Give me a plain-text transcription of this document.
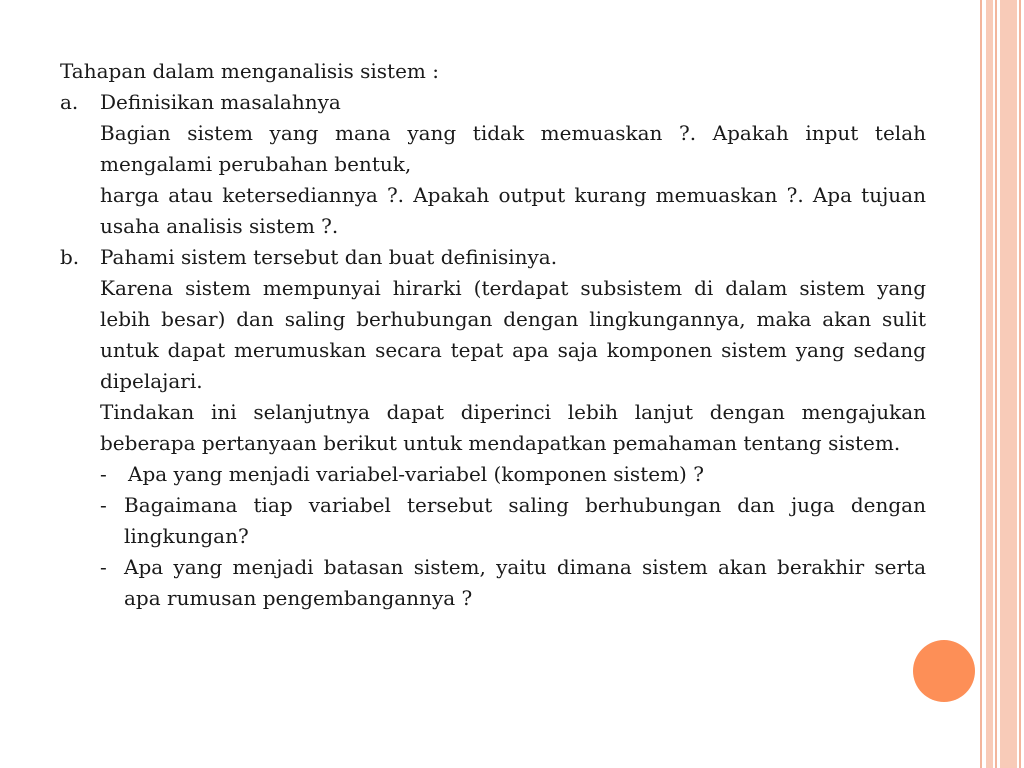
Tahapan dalam menganalisis sistem :

a.	Definisikan masalahnya

Bagian sistem yang mana yang tidak memuaskan ?. Apakah input telah mengalami perubahan bentuk,

harga atau ketersediannya ?. Apakah output kurang memuaskan ?. Apa tujuan usaha analisis sistem ?.

b.	Pahami sistem tersebut dan buat definisinya.

Karena sistem mempunyai hirarki (terdapat subsistem di dalam sistem yang lebih besar) dan saling berhubungan dengan lingkungannya, maka akan sulit untuk dapat merumuskan secara tepat apa saja komponen sistem yang sedang dipelajari.

Tindakan ini selanjutnya dapat diperinci lebih lanjut dengan mengajukan beberapa pertanyaan berikut untuk mendapatkan pemahaman tentang sistem.

-	Apa yang menjadi variabel-variabel (komponen sistem) ?
- Bagaimana tiap variabel tersebut saling berhubungan dan juga dengan lingkungan?
- Apa yang menjadi batasan sistem, yaitu dimana sistem akan berakhir serta apa rumusan pengembangannya ?
